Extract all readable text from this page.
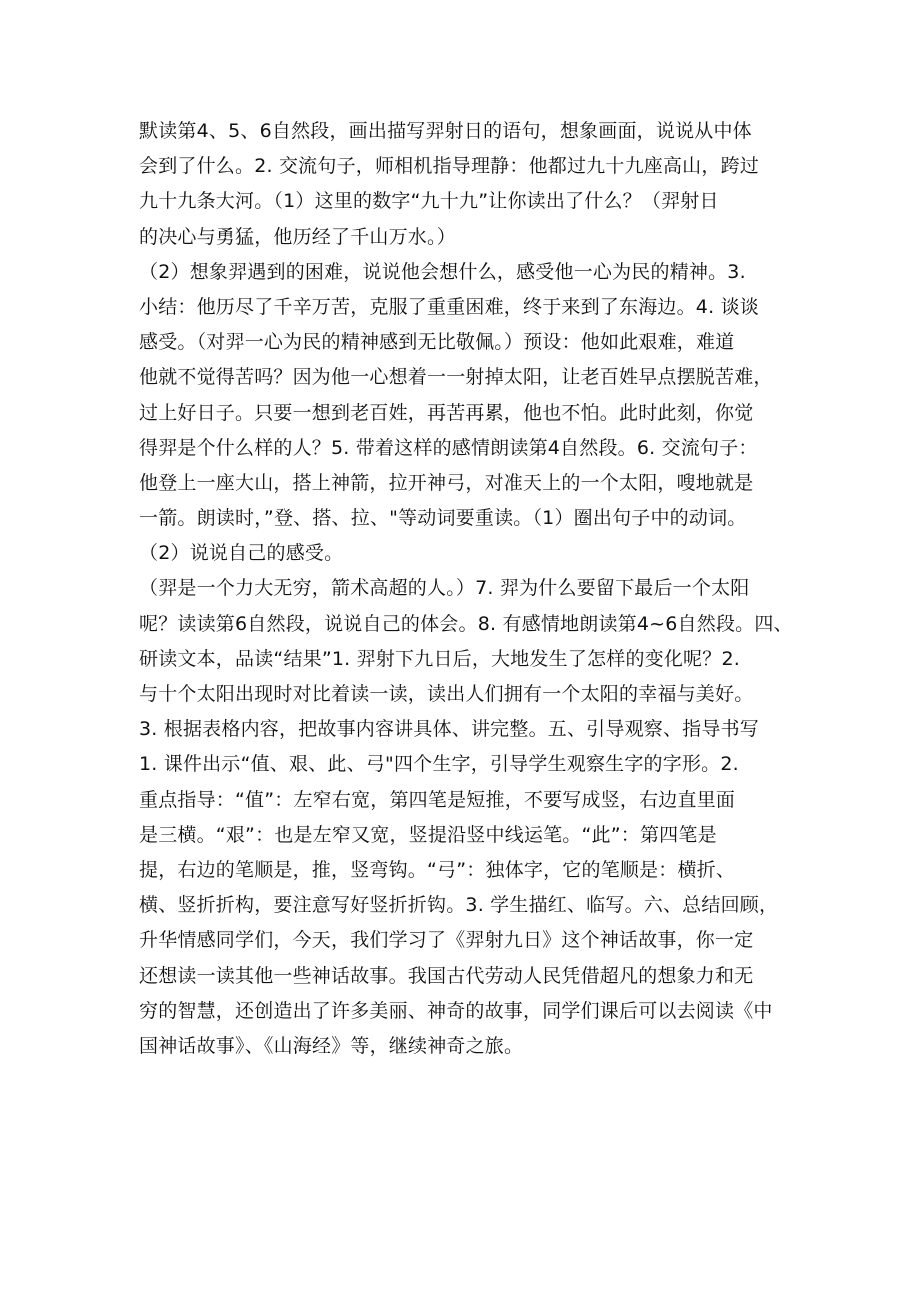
默读第4、5、6自然段，画出描写羿射日的语句，想象画面，说说从中体
会到了什么。2. 交流句子，师相机指导理静：他都过九十九座高山，跨过
九十九条大河。（1）这里的数字“九十九”让你读出了什么？（羿射日
的决心与勇猛，他历经了千山万水。）
（2）想象羿遇到的困难，说说他会想什么，感受他一心为民的精神。3.
小结：他历尽了千辛万苦，克服了重重困难，终于来到了东海边。4. 谈谈
感受。（对羿一心为民的精神感到无比敬佩。）预设：他如此艰难，难道
他就不觉得苦吗？因为他一心想着一一射掉太阳，让老百姓早点摆脱苦难，
过上好日子。只要一想到老百姓，再苦再累，他也不怕。此时此刻，你觉
得羿是个什么样的人？5. 带着这样的感情朗读第4自然段。6. 交流句子：
他登上一座大山，搭上神箭，拉开神弓，对准天上的一个太阳，嗖地就是
一箭。朗读时，”登、搭、拉、"等动词要重读。（1）圈出句子中的动词。
（2）说说自己的感受。
（羿是一个力大无穷，箭术高超的人。）7. 羿为什么要留下最后一个太阳
呢？读读第6自然段，说说自己的体会。8. 有感情地朗读第4~6自然段。四、
研读文本，品读“结果”1. 羿射下九日后，大地发生了怎样的变化呢？2.
与十个太阳出现时对比着读一读，读出人们拥有一个太阳的幸福与美好。
3. 根据表格内容，把故事内容讲具体、讲完整。五、引导观察、指导书写
1. 课件出示“值、艰、此、弓"四个生字，引导学生观察生字的字形。2.
重点指导：“值”：左窄右宽，第四笔是短推，不要写成竖，右边直里面
是三横。“艰”：也是左窄又宽，竖提沿竖中线运笔。“此”：第四笔是
提，右边的笔顺是，推，竖弯钩。“弓”：独体字，它的笔顺是：横折、
横、竖折折构，要注意写好竖折折钩。3. 学生描红、临写。六、总结回顾，
升华情感同学们，今天，我们学习了《羿射九日》这个神话故事，你一定
还想读一读其他一些神话故事。我国古代劳动人民凭借超凡的想象力和无
穷的智慧，还创造出了许多美丽、神奇的故事，同学们课后可以去阅读《中
国神话故事》、《山海经》等，继续神奇之旅。
